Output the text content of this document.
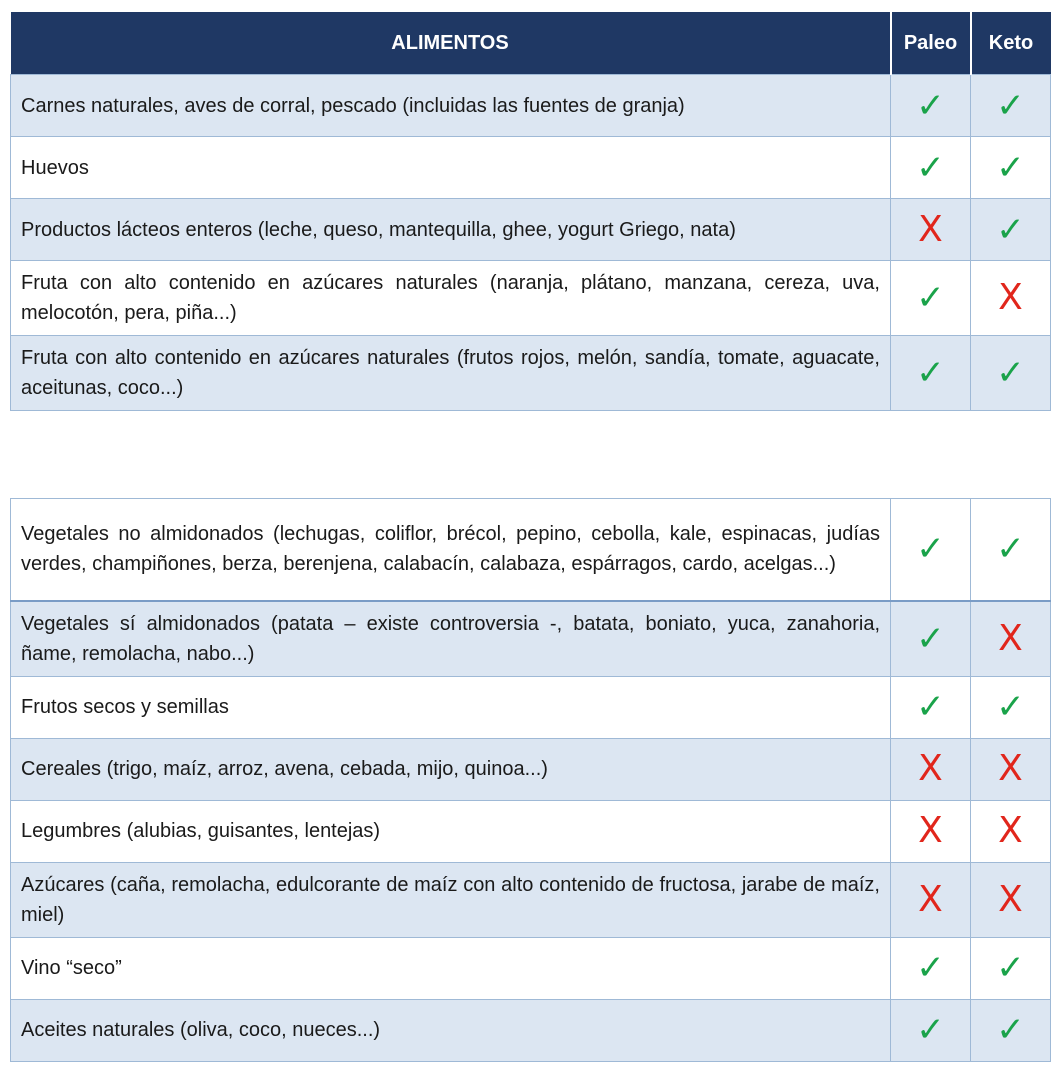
ALIMENTOS	Paleo	Keto
Carnes naturales, aves de corral, pescado (incluidas las fuentes de granja)	✓	✓
Huevos	✓	✓
Productos lácteos enteros (leche, queso, mantequilla, ghee, yogurt Griego, nata)	X	✓
Fruta con alto contenido en azúcares naturales (naranja, plátano, manzana, cereza, uva, melocotón, pera, piña...)	✓	X
Fruta con alto contenido en azúcares naturales (frutos rojos, melón, sandía, tomate, aguacate, aceitunas, coco...)	✓	✓
Vegetales no almidonados (lechugas, coliflor, brécol, pepino, cebolla, kale, espinacas, judías verdes, champiñones, berza, berenjena, calabacín, calabaza, espárragos, cardo, acelgas...)	✓	✓
Vegetales sí almidonados (patata – existe controversia -, batata, boniato, yuca, zanahoria, ñame, remolacha, nabo...)	✓	X
Frutos secos y semillas	✓	✓
Cereales (trigo, maíz, arroz, avena, cebada, mijo, quinoa...)	X	X
Legumbres (alubias, guisantes, lentejas)	X	X
Azúcares (caña, remolacha, edulcorante de maíz con alto contenido de fructosa, jarabe de maíz, miel)	X	X
Vino “seco”	✓	✓
Aceites naturales (oliva, coco, nueces...)	✓	✓
